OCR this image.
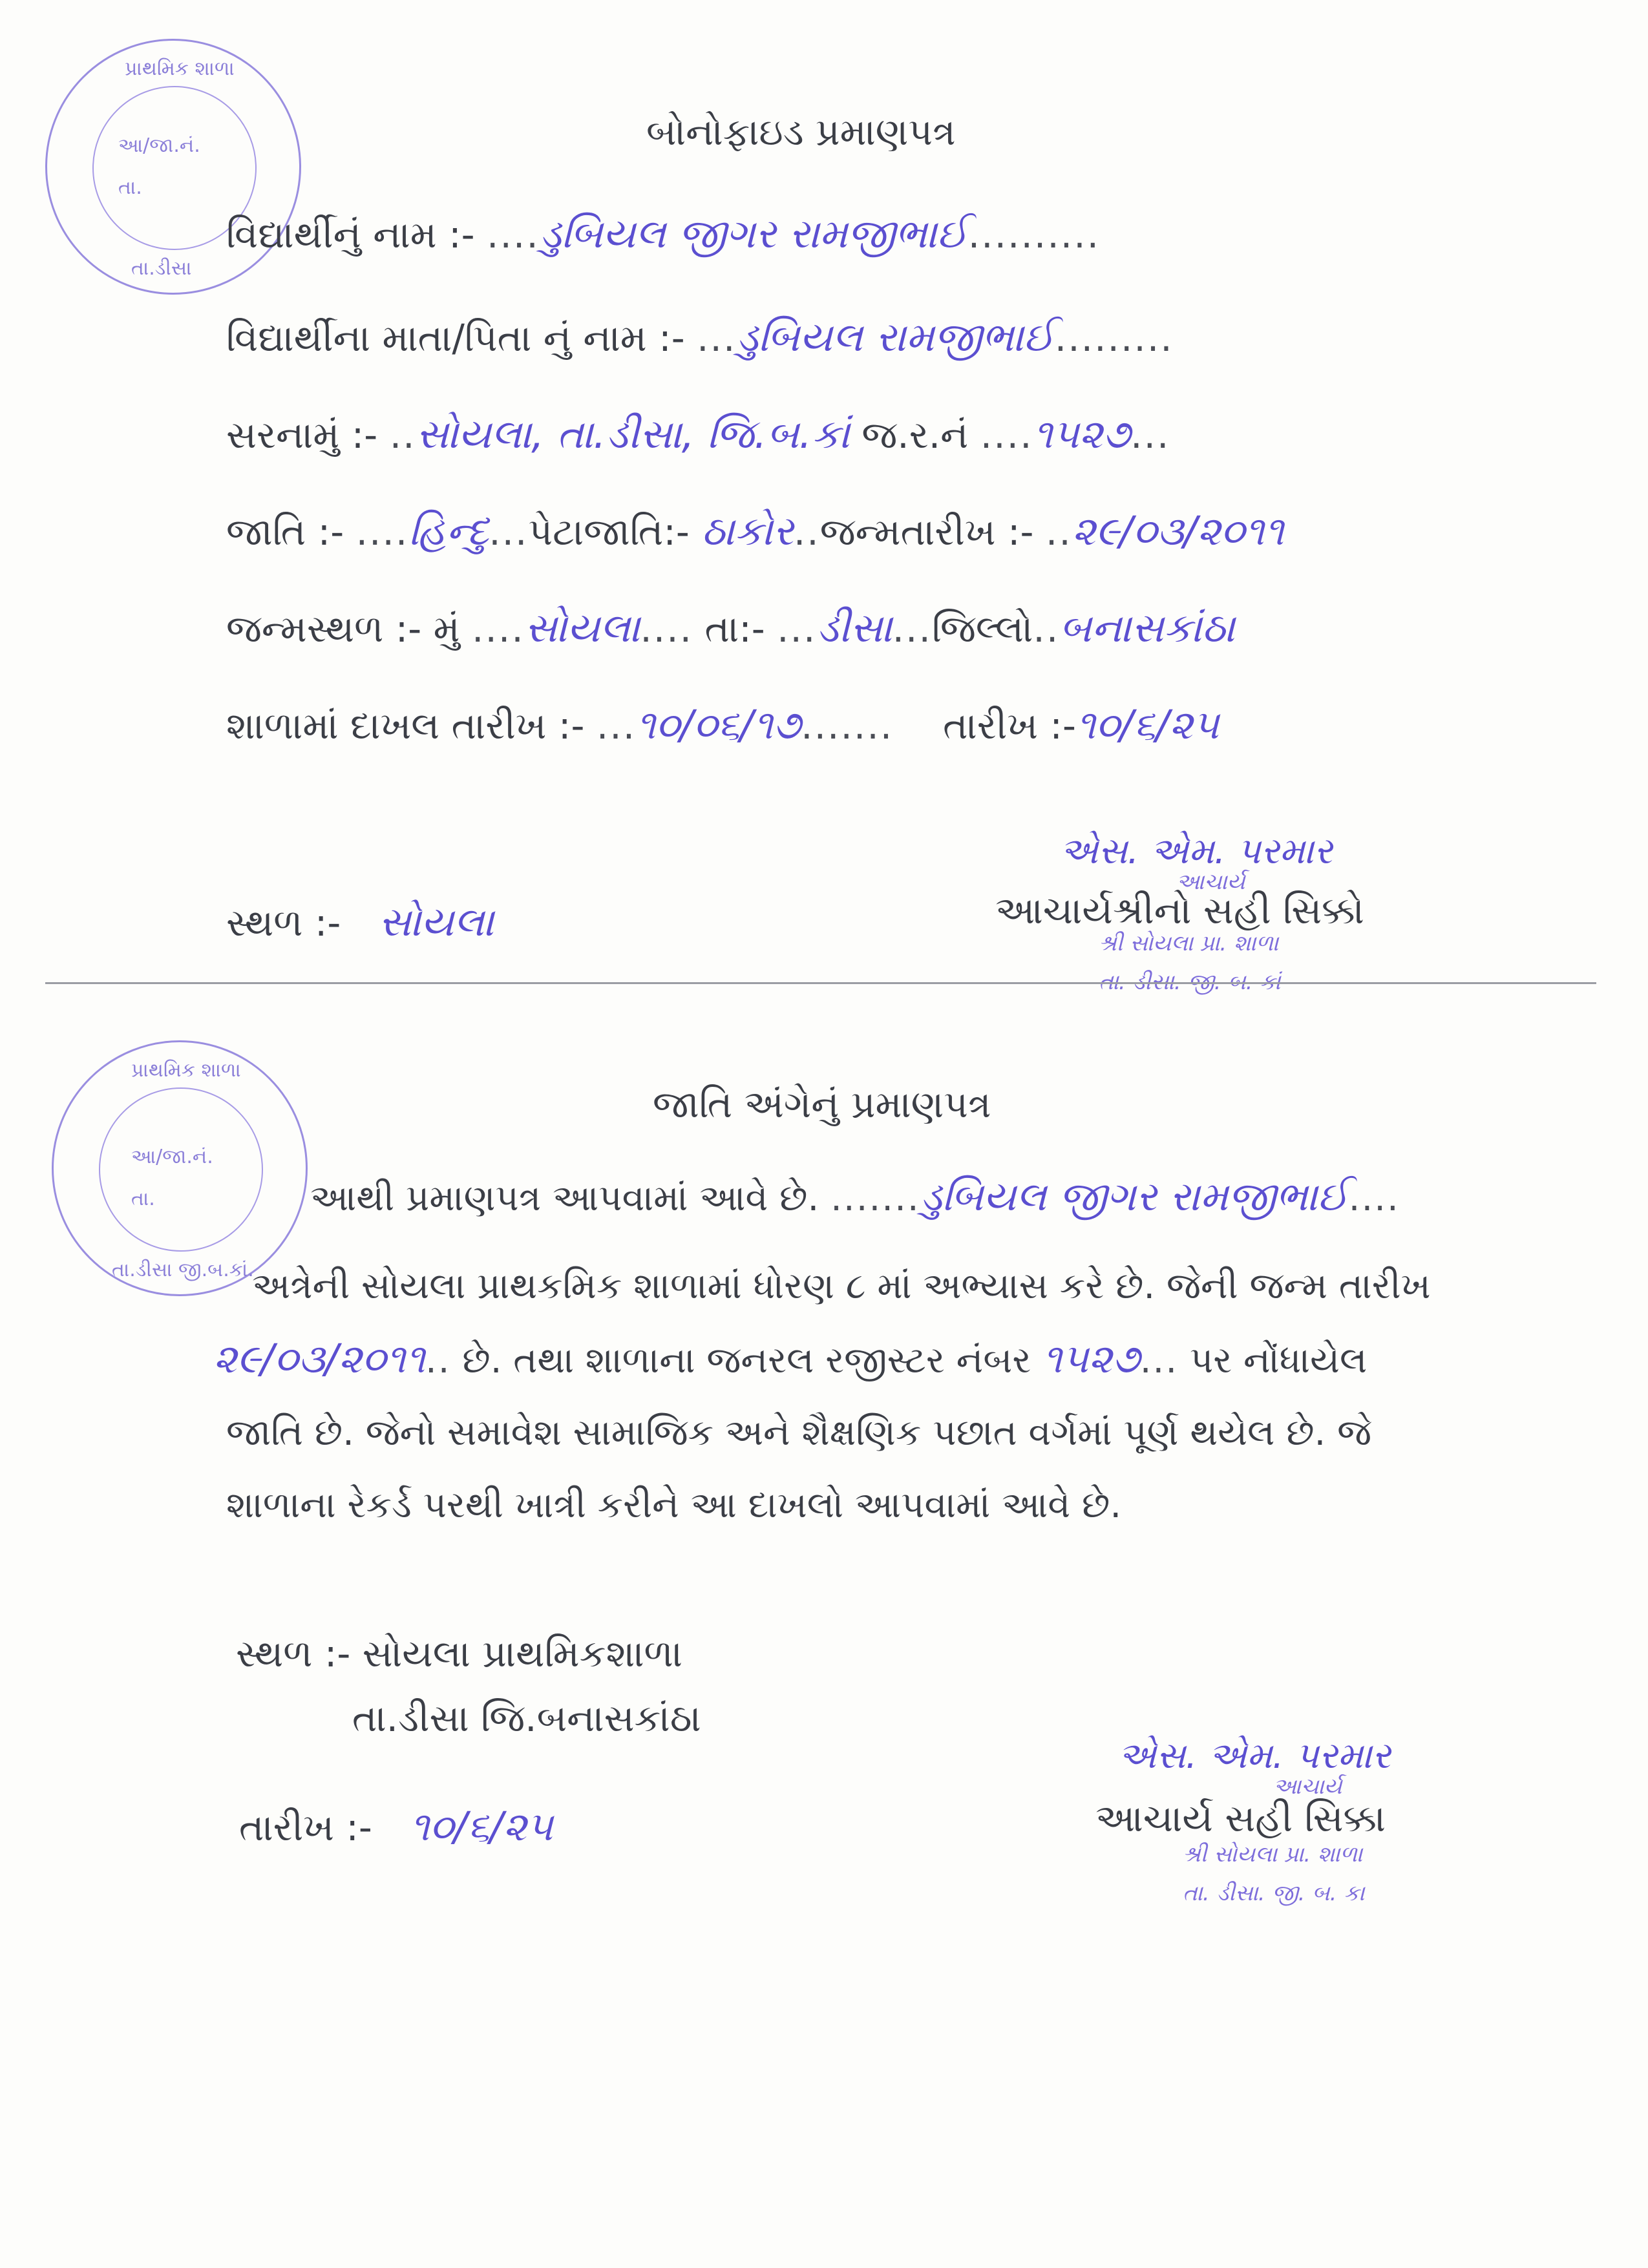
પ્રાથમિક શાળા
આ/જા.નં.
તા.
તા.ડીસા
બોનોફાઇડ પ્રમાણપત્ર
વિદ્યાર્થીનું નામ :- ....ડુબિયલ જીગર રામજીભાઈ..........
વિદ્યાર્થીના માતા/પિતા નું નામ :- ...ડુબિયલ રામજીભાઈ.........
સરનામું :- ..સોયલા, તા.ડીસા, જિ.બ.કાં જ.ર.નં ....૧૫૨૭...
જાતિ :- ....હિન્દુ...પેટાજાતિ:- ઠાકોર..જન્મતારીખ :- ..૨૯/૦૩/૨૦૧૧
જન્મસ્થળ :- મું ....સોયલા.... તા:- ...ડીસા...જિલ્લો..બનાસકાંઠા
શાળામાં દાખલ તારીખ :- ...૧૦/૦૬/૧૭....... તારીખ :-૧૦/૬/૨૫
એસ. એમ. પરમાર
સ્થળ :- સોયલા	આચાર્યશ્રીનો સહી સિક્કો
આચાર્ય
શ્રી સોયલા પ્રા. શાળા
તા. ડીસા. જી. બ. કાં
પ્રાથમિક શાળા
આ/જા.નં.
તા.
તા.ડીસા જી.બ.કાં.
જાતિ અંગેનું પ્રમાણપત્ર
આથી પ્રમાણપત્ર આપવામાં આવે છે. .......ડુબિયલ જીગર રામજીભાઈ....
અત્રેની સોયલા પ્રાથકમિક શાળામાં ધોરણ ૮ માં અભ્યાસ કરે છે. જેની જન્મ તારીખ
૨૯/૦૩/૨૦૧૧.. છે. તથા શાળાના જનરલ રજીસ્ટર નંબર ૧૫૨૭... પર નોંધાયેલ
જાતિ છે. જેનો સમાવેશ સામાજિક અને શૈક્ષણિક પછાત વર્ગમાં પૂર્ણ થયેલ છે. જે
શાળાના રેકર્ડ પરથી ખાત્રી કરીને આ દાખલો આપવામાં આવે છે.
સ્થળ :- સોયલા પ્રાથમિકશાળા
તા.ડીસા જિ.બનાસકાંઠા
તારીખ :- ૧૦/૬/૨૫
એસ. એમ. પરમાર
આચાર્ય સહી સિક્કા
આચાર્ય
શ્રી સોયલા પ્રા. શાળા
તા. ડીસા. જી. બ. કા
